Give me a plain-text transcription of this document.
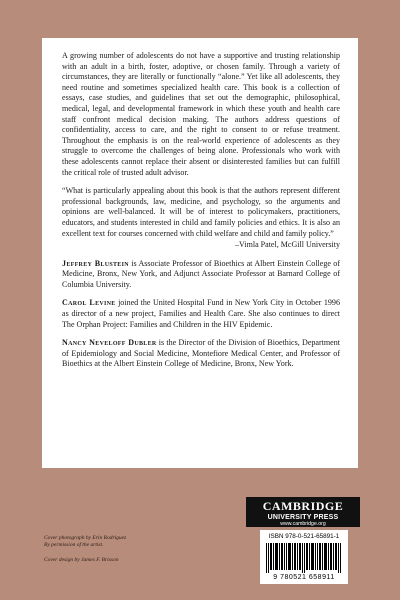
A growing number of adolescents do not have a supportive and trusting relationship with an adult in a birth, foster, adoptive, or chosen family. Through a variety of circumstances, they are literally or functionally “alone.” Yet like all adolescents, they need routine and sometimes specialized health care. This book is a collection of essays, case studies, and guidelines that set out the demographic, philosophical, medical, legal, and developmental framework in which these youth and health care staff confront medical decision making. The authors address questions of confidentiality, access to care, and the right to consent to or refuse treatment. Throughout the emphasis is on the real-world experience of adolescents as they struggle to overcome the challenges of being alone. Professionals who work with these adolescents cannot replace their absent or disinterested families but can fulfill the critical role of trusted adult advisor.

“What is particularly appealing about this book is that the authors represent different professional backgrounds, law, medicine, and psychology, so the arguments and opinions are well-balanced. It will be of interest to policymakers, practitioners, educators, and students interested in child and family policies and ethics. It is also an excellent text for courses concerned with child welfare and child and family policy.”

–Vimla Patel, McGill University

Jeffrey Blustein is Associate Professor of Bioethics at Albert Einstein College of Medicine, Bronx, New York, and Adjunct Associate Professor at Barnard College of Columbia University.

Carol Levine joined the United Hospital Fund in New York City in October 1996 as director of a new project, Families and Health Care. She also continues to direct The Orphan Project: Families and Children in the HIV Epidemic.

Nancy Neveloff Dubler is the Director of the Division of Bioethics, Department of Epidemiology and Social Medicine, Montefiore Medical Center, and Professor of Bioethics at the Albert Einstein College of Medicine, Bronx, New York.

CAMBRIDGE
UNIVERSITY PRESS
www.cambridge.org
ISBN 978-0-521-65891-1
9 780521 658911

Cover photograph by Erin Rodriguez

By permission of the artist.

Cover design by James F. Brisson
